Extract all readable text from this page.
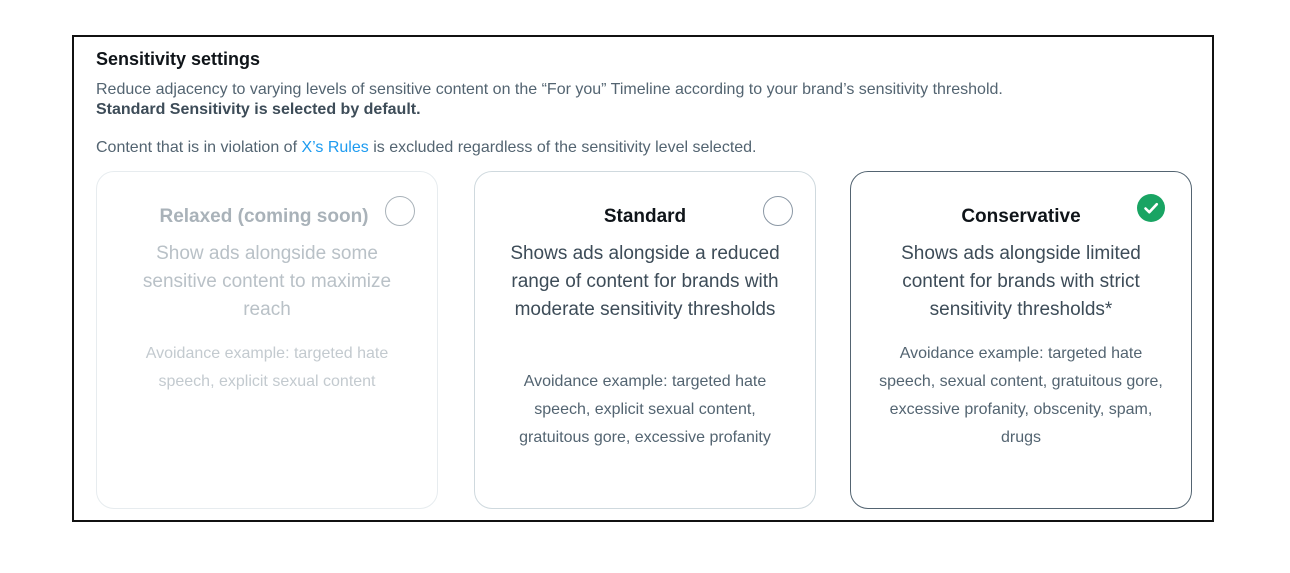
Sensitivity settings
Reduce adjacency to varying levels of sensitive content on the “For you” Timeline according to your brand’s sensitivity threshold.
Standard Sensitivity is selected by default.
Content that is in violation of X’s Rules is excluded regardless of the sensitivity level selected.
Relaxed (coming soon)
Show ads alongside some sensitive content to maximize reach
Avoidance example: targeted hate speech, explicit sexual content
Standard
Shows ads alongside a reduced range of content for brands with moderate sensitivity thresholds
Avoidance example: targeted hate speech, explicit sexual content, gratuitous gore, excessive profanity
Conservative
Shows ads alongside limited content for brands with strict sensitivity thresholds*
Avoidance example: targeted hate speech, sexual content, gratuitous gore, excessive profanity, obscenity, spam, drugs
